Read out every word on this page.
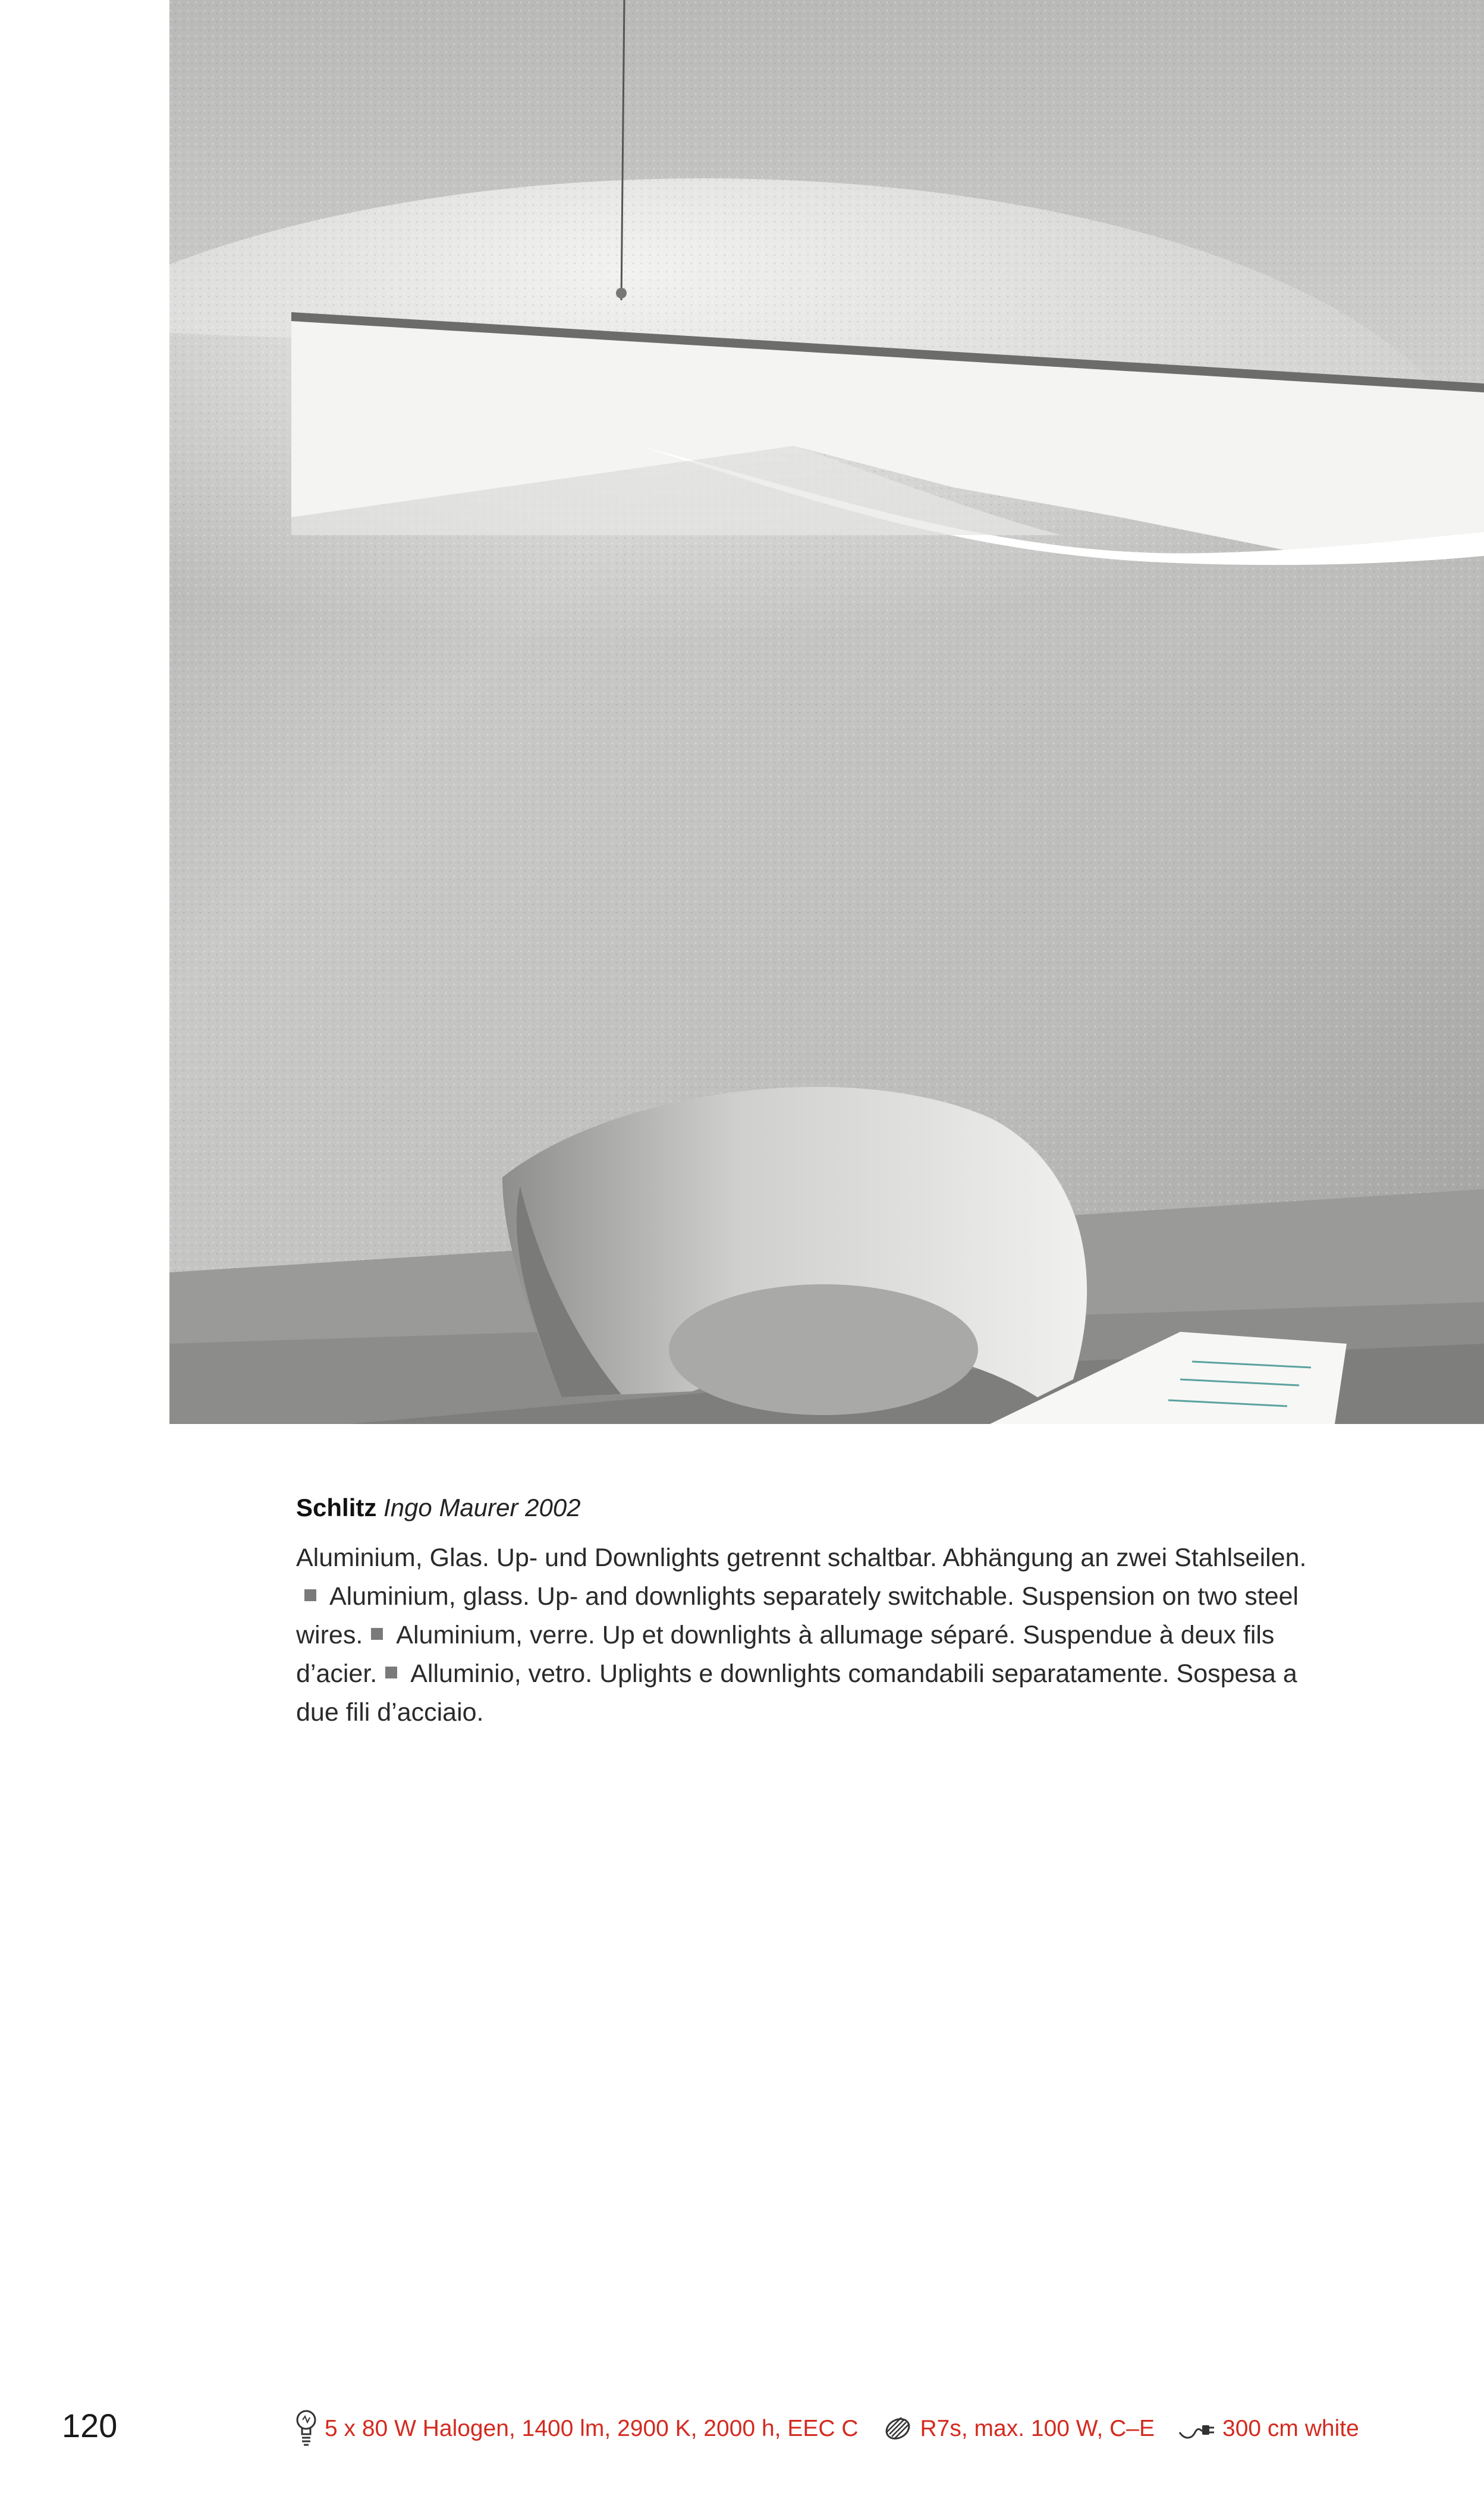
Schlitz Ingo Maurer 2002

Aluminium, Glas. Up- und Downlights getrennt schaltbar. Abhängung an zwei Stahlseilen.
Aluminium, glass. Up- and downlights separately switchable. Suspension on two steel wires. Aluminium, verre. Up et downlights à allumage séparé. Suspendue à deux fils d’acier. Alluminio, vetro. Uplights e downlights comandabili separatamente. Sospesa a due fili d’acciaio.

120	5 x 80 W Halogen, 1400 lm, 2900 K, 2000 h, EEC C	R7s, max. 100 W, C–E	300 cm white
